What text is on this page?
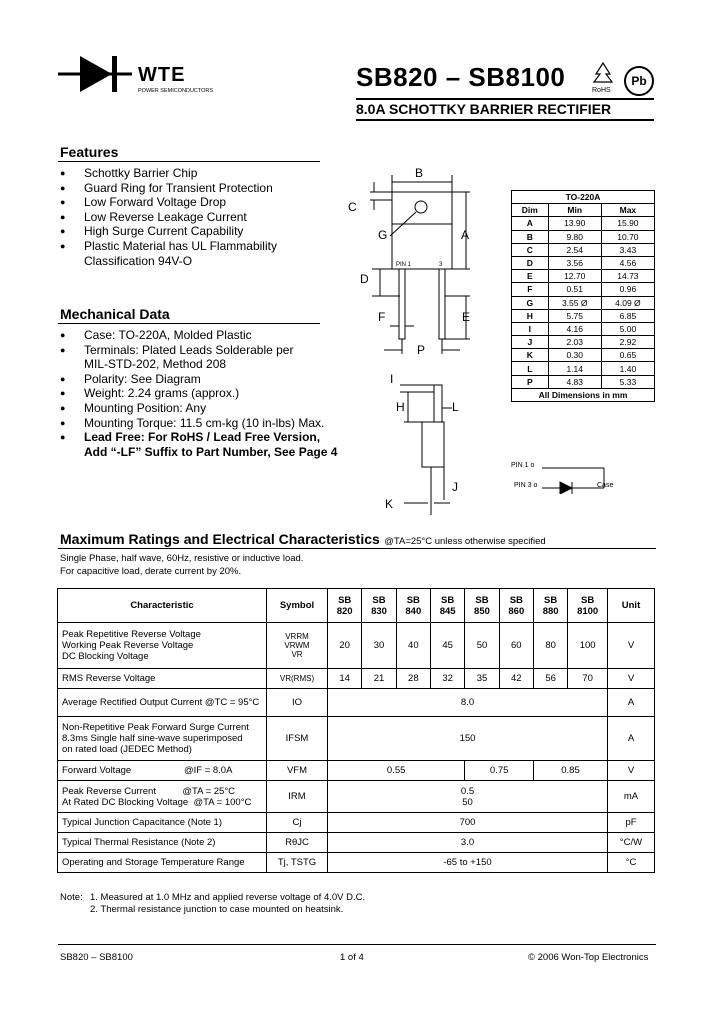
WTE
POWER SEMICONDUCTORS	SB820 – SB8100	RoHS
Pb
8.0A SCHOTTKY BARRIER RECTIFIER
Features
● Schottky Barrier Chip
● Guard Ring for Transient Protection
● Low Forward Voltage Drop
● Low Reverse Leakage Current
● High Surge Current Capability
● Plastic Material has UL Flammability
Classification 94V-O
Mechanical Data
● Case: TO-220A, Molded Plastic
● Terminals: Plated Leads Solderable per
MIL-STD-202, Method 208
● Polarity: See Diagram
● Weight: 2.24 grams (approx.)
● Mounting Position: Any
● Mounting Torque: 11.5 cm-kg (10 in-lbs) Max.
● Lead Free: For RoHS / Lead Free Version,
Add “-LF” Suffix to Part Number, See Page 4
B
C
G	A
D
F	E
P
I
H	L
J
K
PIN 1	3
PIN 1 o
PIN 3 o	Case
TO-220A		
Dim	Min	Max
A	13.90	15.90
B	9.80	10.70
C	2.54	3.43
D	3.56	4.56
E	12.70	14.73
F	0.51	0.96
G	3.55 Ø	4.09 Ø
H	5.75	6.85
I	4.16	5.00
J	2.03	2.92
K	0.30	0.65
L	1.14	1.40
P	4.83	5.33
All Dimensions in mm		
Maximum Ratings and Electrical Characteristics @TA=25°C unless otherwise specified
Single Phase, half wave, 60Hz, resistive or inductive load.
For capacitive load, derate current by 20%.
Characteristic	Symbol	SB 820	SB 830	SB 840	SB 845	SB 850	SB 860	SB 880	SB 8100	Unit
Peak Repetitive Reverse Voltage
Working Peak Reverse Voltage
DC Blocking Voltage	VRRM
VRWM
VR	20	30	40	45	50	60	80	100	V
RMS Reverse Voltage	VR(RMS)	14	21	28	32	35	42	56	70	V
Average Rectified Output Current @TC = 95°C	IO	8.0								A
Non-Repetitive Peak Forward Surge Current
8.3ms Single half sine-wave superimposed
on rated load (JEDEC Method)	IFSM	150								A
Forward Voltage                    @IF = 8.0A	VFM	0.55				0.75		0.85		V
Peak Reverse Current          @TA = 25°C
At Rated DC Blocking Voltage  @TA = 100°C	IRM	0.5
50								mA
Typical Junction Capacitance (Note 1)	Cj	700								pF
Typical Thermal Resistance (Note 2)	RθJC	3.0								°C/W
Operating and Storage Temperature Range	Tj, TSTG	-65 to +150								°C
Note: 1. Measured at 1.0 MHz and applied reverse voltage of 4.0V D.C.
2. Thermal resistance junction to case mounted on heatsink.
SB820 – SB8100	1 of 4	© 2006 Won-Top Electronics
